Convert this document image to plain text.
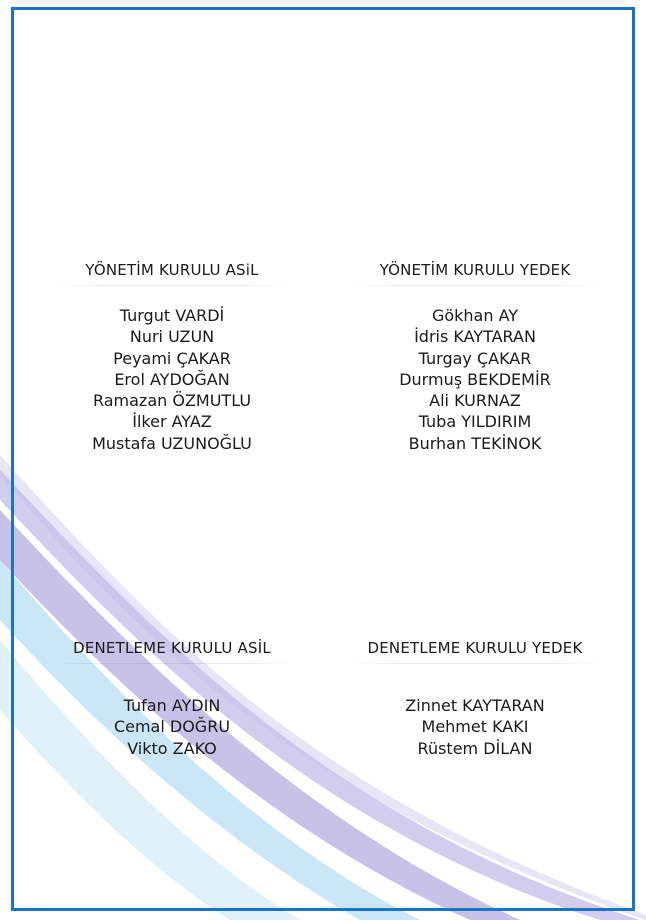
YÖNETİM KURULU ASiL
Turgut VARDİ
Nuri UZUN
Peyami ÇAKAR
Erol AYDOĞAN
Ramazan ÖZMUTLU
İlker AYAZ
Mustafa UZUNOĞLU
YÖNETİM KURULU YEDEK
Gökhan AY
İdris KAYTARAN
Turgay ÇAKAR
Durmuş BEKDEMİR
Ali KURNAZ
Tuba YILDIRIM
Burhan TEKİNOK
DENETLEME KURULU ASİL
Tufan AYDIN
Cemal DOĞRU
Vikto ZAKO
DENETLEME KURULU YEDEK
Zinnet KAYTARAN
Mehmet KAKI
Rüstem DİLAN
